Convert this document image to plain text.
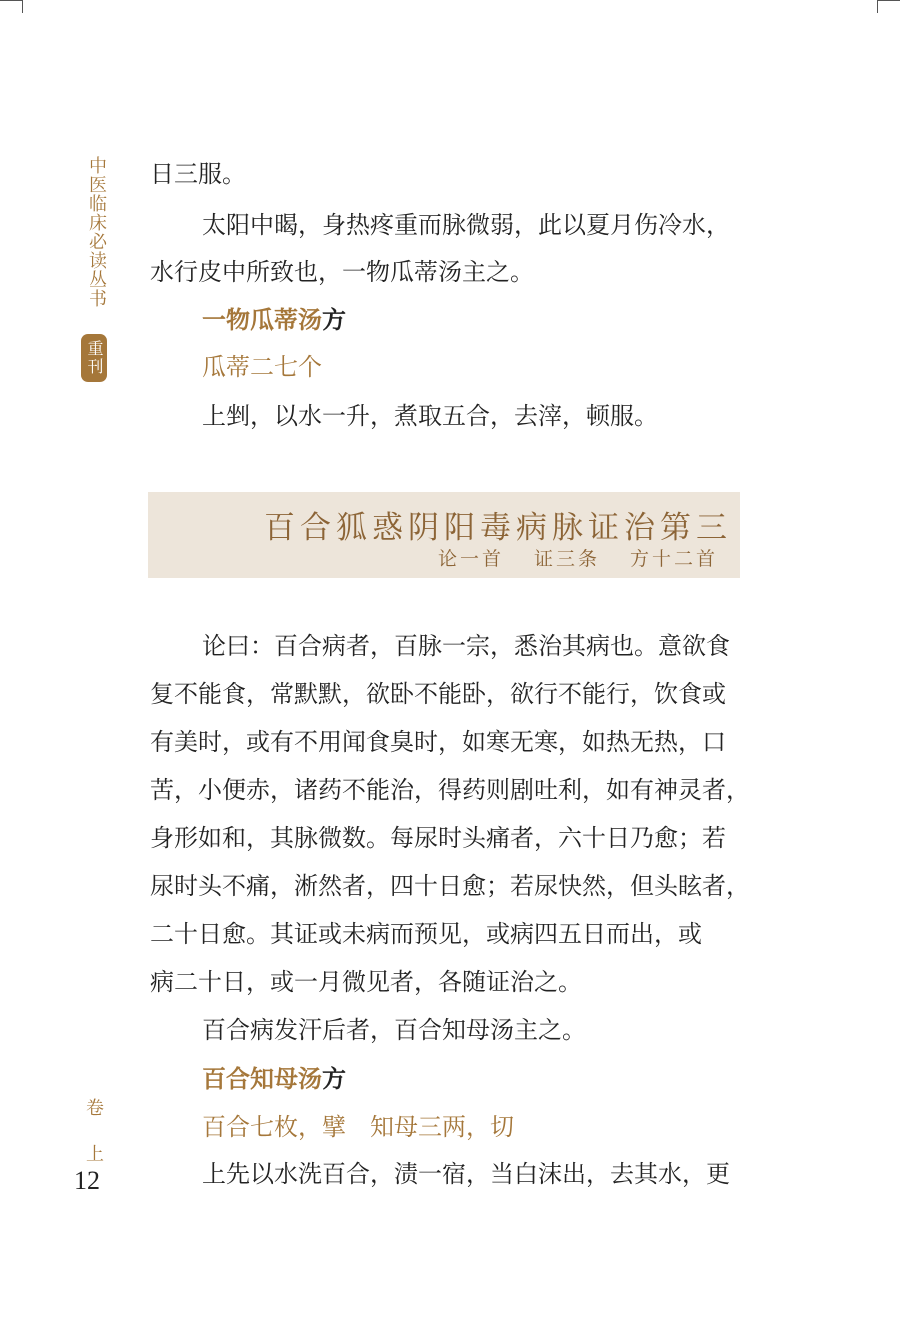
中医临床必读丛书
重刊

日三服。

太阳中暍，身热疼重而脉微弱，此以夏月伤冷水，

水行皮中所致也，一物瓜蒂汤主之。

一物瓜蒂汤方

瓜蒂二七个

上剉，以水一升，煮取五合，去滓，顿服。

百合狐惑阴阳毒病脉证治第三
论一首 证三条 方十二首

论曰：百合病者，百脉一宗，悉治其病也。意欲食

复不能食，常默默，欲卧不能卧，欲行不能行，饮食或

有美时，或有不用闻食臭时，如寒无寒，如热无热，口

苦，小便赤，诸药不能治，得药则剧吐利，如有神灵者，

身形如和，其脉微数。每尿时头痛者，六十日乃愈；若

尿时头不痛，淅然者，四十日愈；若尿快然，但头眩者，

二十日愈。其证或未病而预见，或病四五日而出，或

病二十日，或一月微见者，各随证治之。

百合病发汗后者，百合知母汤主之。

百合知母汤方

百合七枚，擘　知母三两，切

上先以水洗百合，渍一宿，当白沫出，去其水，更

卷
上
12
